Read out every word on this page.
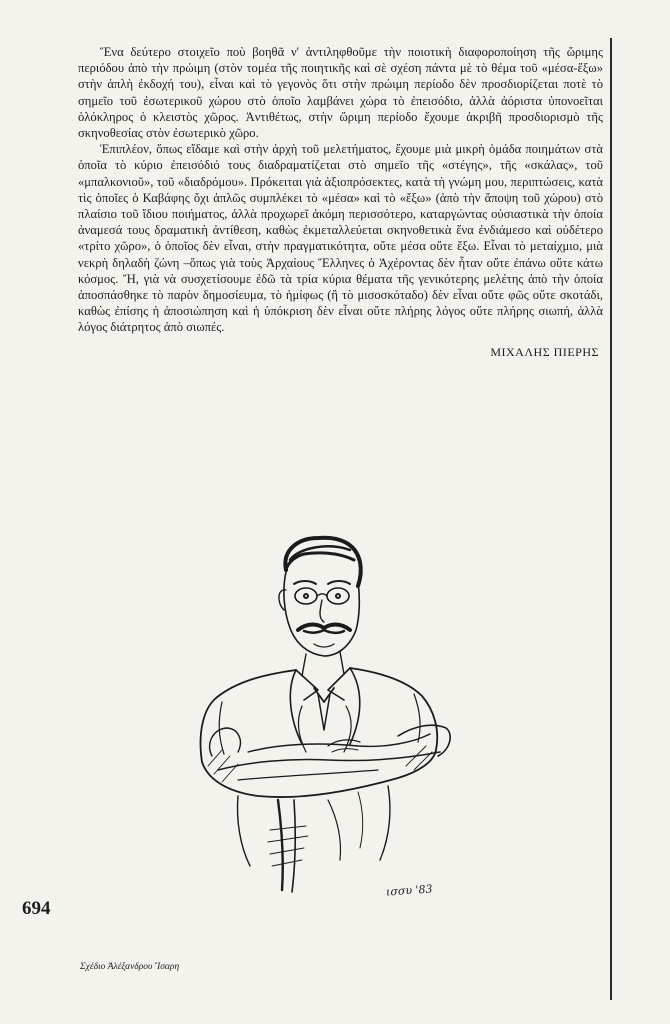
Ἕνα δεύτερο στοιχεῖο ποὺ βοηθᾶ ν' ἀντιληφθοῦμε τὴν ποιοτικὴ διαφοροποίηση τῆς ὥριμης περιόδου ἀπὸ τὴν πρώιμη (στὸν τομέα τῆς ποιητικῆς καὶ σὲ σχέση πάντα μὲ τὸ θέμα τοῦ «μέσα-ἔξω» στὴν ἁπλὴ ἐκδοχή του), εἶναι καὶ τὸ γεγονὸς ὅτι στὴν πρώιμη περίοδο δὲν προσδιορίζεται ποτὲ τὸ σημεῖο τοῦ ἐσωτερικοῦ χώρου στὸ ὁποῖο λαμβάνει χώρα τὸ ἐπεισόδιο, ἀλλὰ ἀόριστα ὑπονοεῖται ὁλόκληρος ὁ κλειστὸς χῶρος. Ἀντιθέτως, στὴν ὥριμη περίοδο ἔχουμε ἀκριβῆ προσδιορισμὸ τῆς σκηνοθεσίας στὸν ἐσωτερικὸ χῶρο.

Ἐπιπλέον, ὅπως εἴδαμε καὶ στὴν ἀρχὴ τοῦ μελετήματος, ἔχουμε μιὰ μικρὴ ὁμάδα ποιημάτων στὰ ὁποῖα τὸ κύριο ἐπεισόδιό τους διαδραματίζεται στὸ σημεῖο τῆς «στέγης», τῆς «σκάλας», τοῦ «μπαλκονιοῦ», τοῦ «διαδρόμου». Πρόκειται γιὰ ἀξιοπρόσεκτες, κατὰ τὴ γνώμη μου, περιπτώσεις, κατὰ τὶς ὁποῖες ὁ Καβάφης ὄχι ἁπλῶς συμπλέκει τὸ «μέσα» καὶ τὸ «ἔξω» (ἀπὸ τὴν ἄποψη τοῦ χώρου) στὸ πλαίσιο τοῦ ἴδιου ποιήματος, ἀλλὰ προχωρεῖ ἀκόμη περισσότερο, καταργώντας οὐσιαστικὰ τὴν ὁποία ἀναμεσά τους δραματικὴ ἀντίθεση, καθὼς ἐκμεταλλεύεται σκηνοθετικὰ ἕνα ἐνδιάμεσο καὶ οὐδέτερο «τρίτο χῶρο», ὁ ὁποῖος δὲν εἶναι, στὴν πραγματικότητα, οὔτε μέσα οὔτε ἔξω. Εἶναι τὸ μεταίχμιο, μιὰ νεκρὴ δηλαδὴ ζώνη –ὅπως γιὰ τοὺς Ἀρχαίους Ἕλληνες ὁ Ἀχέροντας δὲν ἦταν οὔτε ἐπάνω οὔτε κάτω κόσμος. Ἤ, γιὰ νὰ συσχετίσουμε ἐδῶ τὰ τρία κύρια θέματα τῆς γενικότερης μελέτης ἀπὸ τὴν ὁποία ἀποσπάσθηκε τὸ παρὸν δημοσίευμα, τὸ ἡμίφως (ἢ τὸ μισοσκόταδο) δὲν εἶναι οὔτε φῶς οὔτε σκοτάδι, καθὼς ἐπίσης ἡ ἀποσιώπηση καὶ ἡ ὑπόκριση δὲν εἶναι οὔτε πλήρης λόγος οὔτε πλήρης σιωπή, ἀλλὰ λόγος διάτρητος ἀπὸ σιωπές.

ΜΙΧΑΛΗΣ ΠΙΕΡΗΣ
ισσυ '83
694
Σχέδιο Ἀλέξανδρου Ἴσαρη
